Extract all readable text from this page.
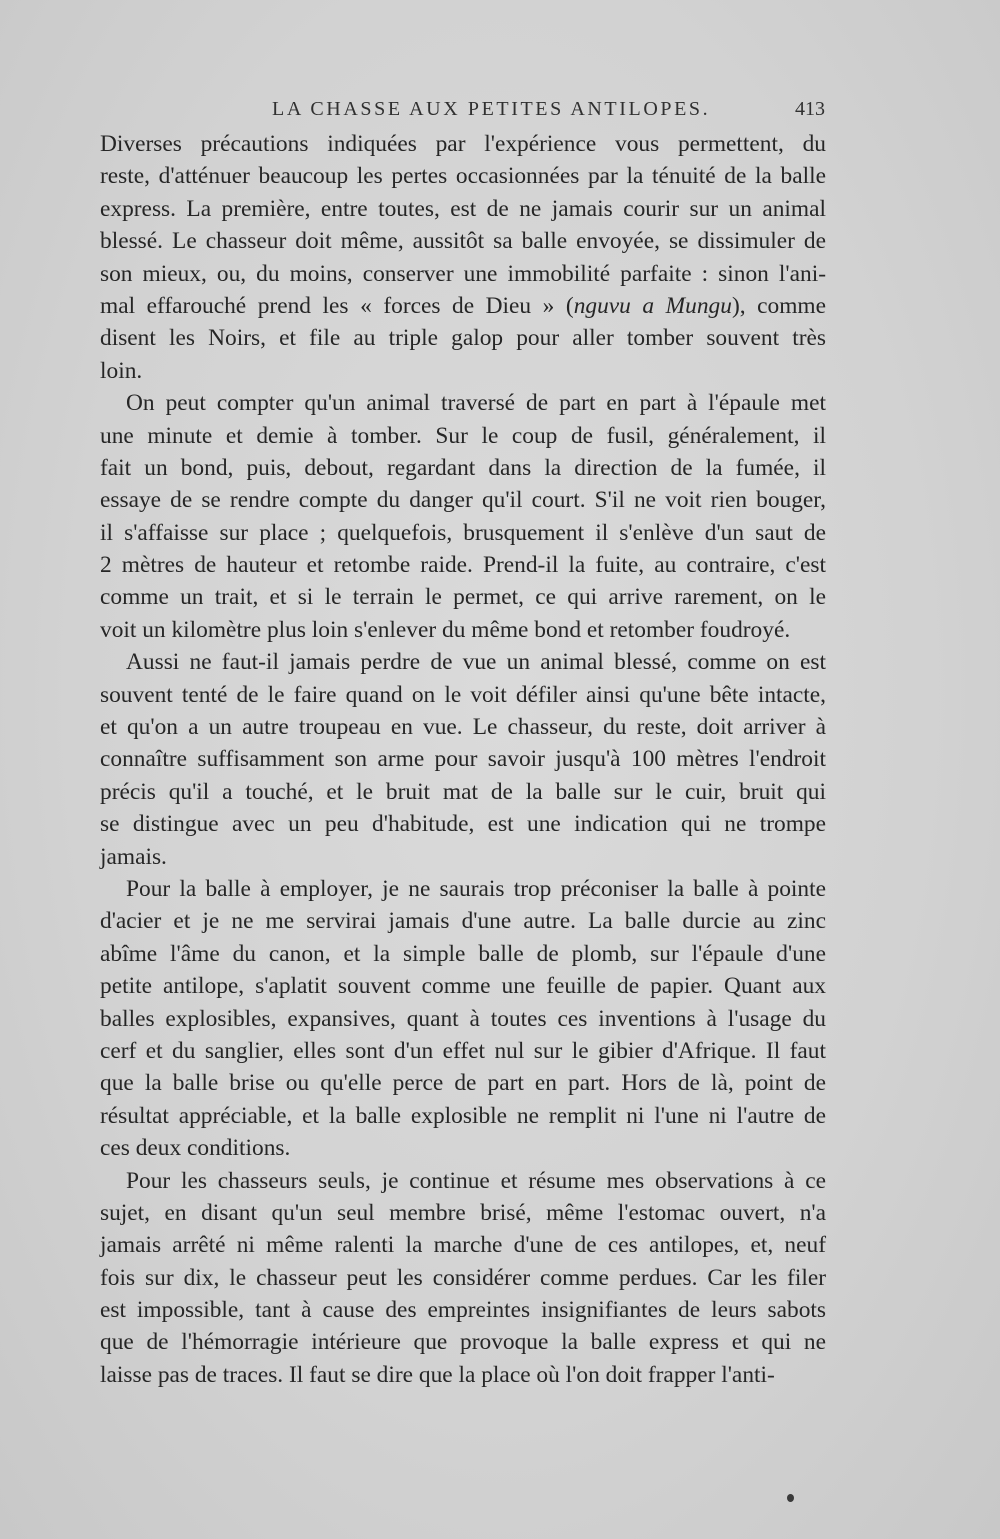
LA CHASSE AUX PETITES ANTILOPES.	413
Diverses précautions indiquées par l'expérience vous permettent, du
reste, d'atténuer beaucoup les pertes occasionnées par la ténuité de la balle
express. La première, entre toutes, est de ne jamais courir sur un animal
blessé. Le chasseur doit même, aussitôt sa balle envoyée, se dissimuler de
son mieux, ou, du moins, conserver une immobilité parfaite : sinon l'ani-
mal effarouché prend les « forces de Dieu » (nguvu a Mungu), comme
disent les Noirs, et file au triple galop pour aller tomber souvent très
loin.
On peut compter qu'un animal traversé de part en part à l'épaule met
une minute et demie à tomber. Sur le coup de fusil, généralement, il
fait un bond, puis, debout, regardant dans la direction de la fumée, il
essaye de se rendre compte du danger qu'il court. S'il ne voit rien bouger,
il s'affaisse sur place ; quelquefois, brusquement il s'enlève d'un saut de
2 mètres de hauteur et retombe raide. Prend-il la fuite, au contraire, c'est
comme un trait, et si le terrain le permet, ce qui arrive rarement, on le
voit un kilomètre plus loin s'enlever du même bond et retomber foudroyé.
Aussi ne faut-il jamais perdre de vue un animal blessé, comme on est
souvent tenté de le faire quand on le voit défiler ainsi qu'une bête intacte,
et qu'on a un autre troupeau en vue. Le chasseur, du reste, doit arriver à
connaître suffisamment son arme pour savoir jusqu'à 100 mètres l'endroit
précis qu'il a touché, et le bruit mat de la balle sur le cuir, bruit qui
se distingue avec un peu d'habitude, est une indication qui ne trompe
jamais.
Pour la balle à employer, je ne saurais trop préconiser la balle à pointe
d'acier et je ne me servirai jamais d'une autre. La balle durcie au zinc
abîme l'âme du canon, et la simple balle de plomb, sur l'épaule d'une
petite antilope, s'aplatit souvent comme une feuille de papier. Quant aux
balles explosibles, expansives, quant à toutes ces inventions à l'usage du
cerf et du sanglier, elles sont d'un effet nul sur le gibier d'Afrique. Il faut
que la balle brise ou qu'elle perce de part en part. Hors de là, point de
résultat appréciable, et la balle explosible ne remplit ni l'une ni l'autre de
ces deux conditions.
Pour les chasseurs seuls, je continue et résume mes observations à ce
sujet, en disant qu'un seul membre brisé, même l'estomac ouvert, n'a
jamais arrêté ni même ralenti la marche d'une de ces antilopes, et, neuf
fois sur dix, le chasseur peut les considérer comme perdues. Car les filer
est impossible, tant à cause des empreintes insignifiantes de leurs sabots
que de l'hémorragie intérieure que provoque la balle express et qui ne
laisse pas de traces. Il faut se dire que la place où l'on doit frapper l'anti-
